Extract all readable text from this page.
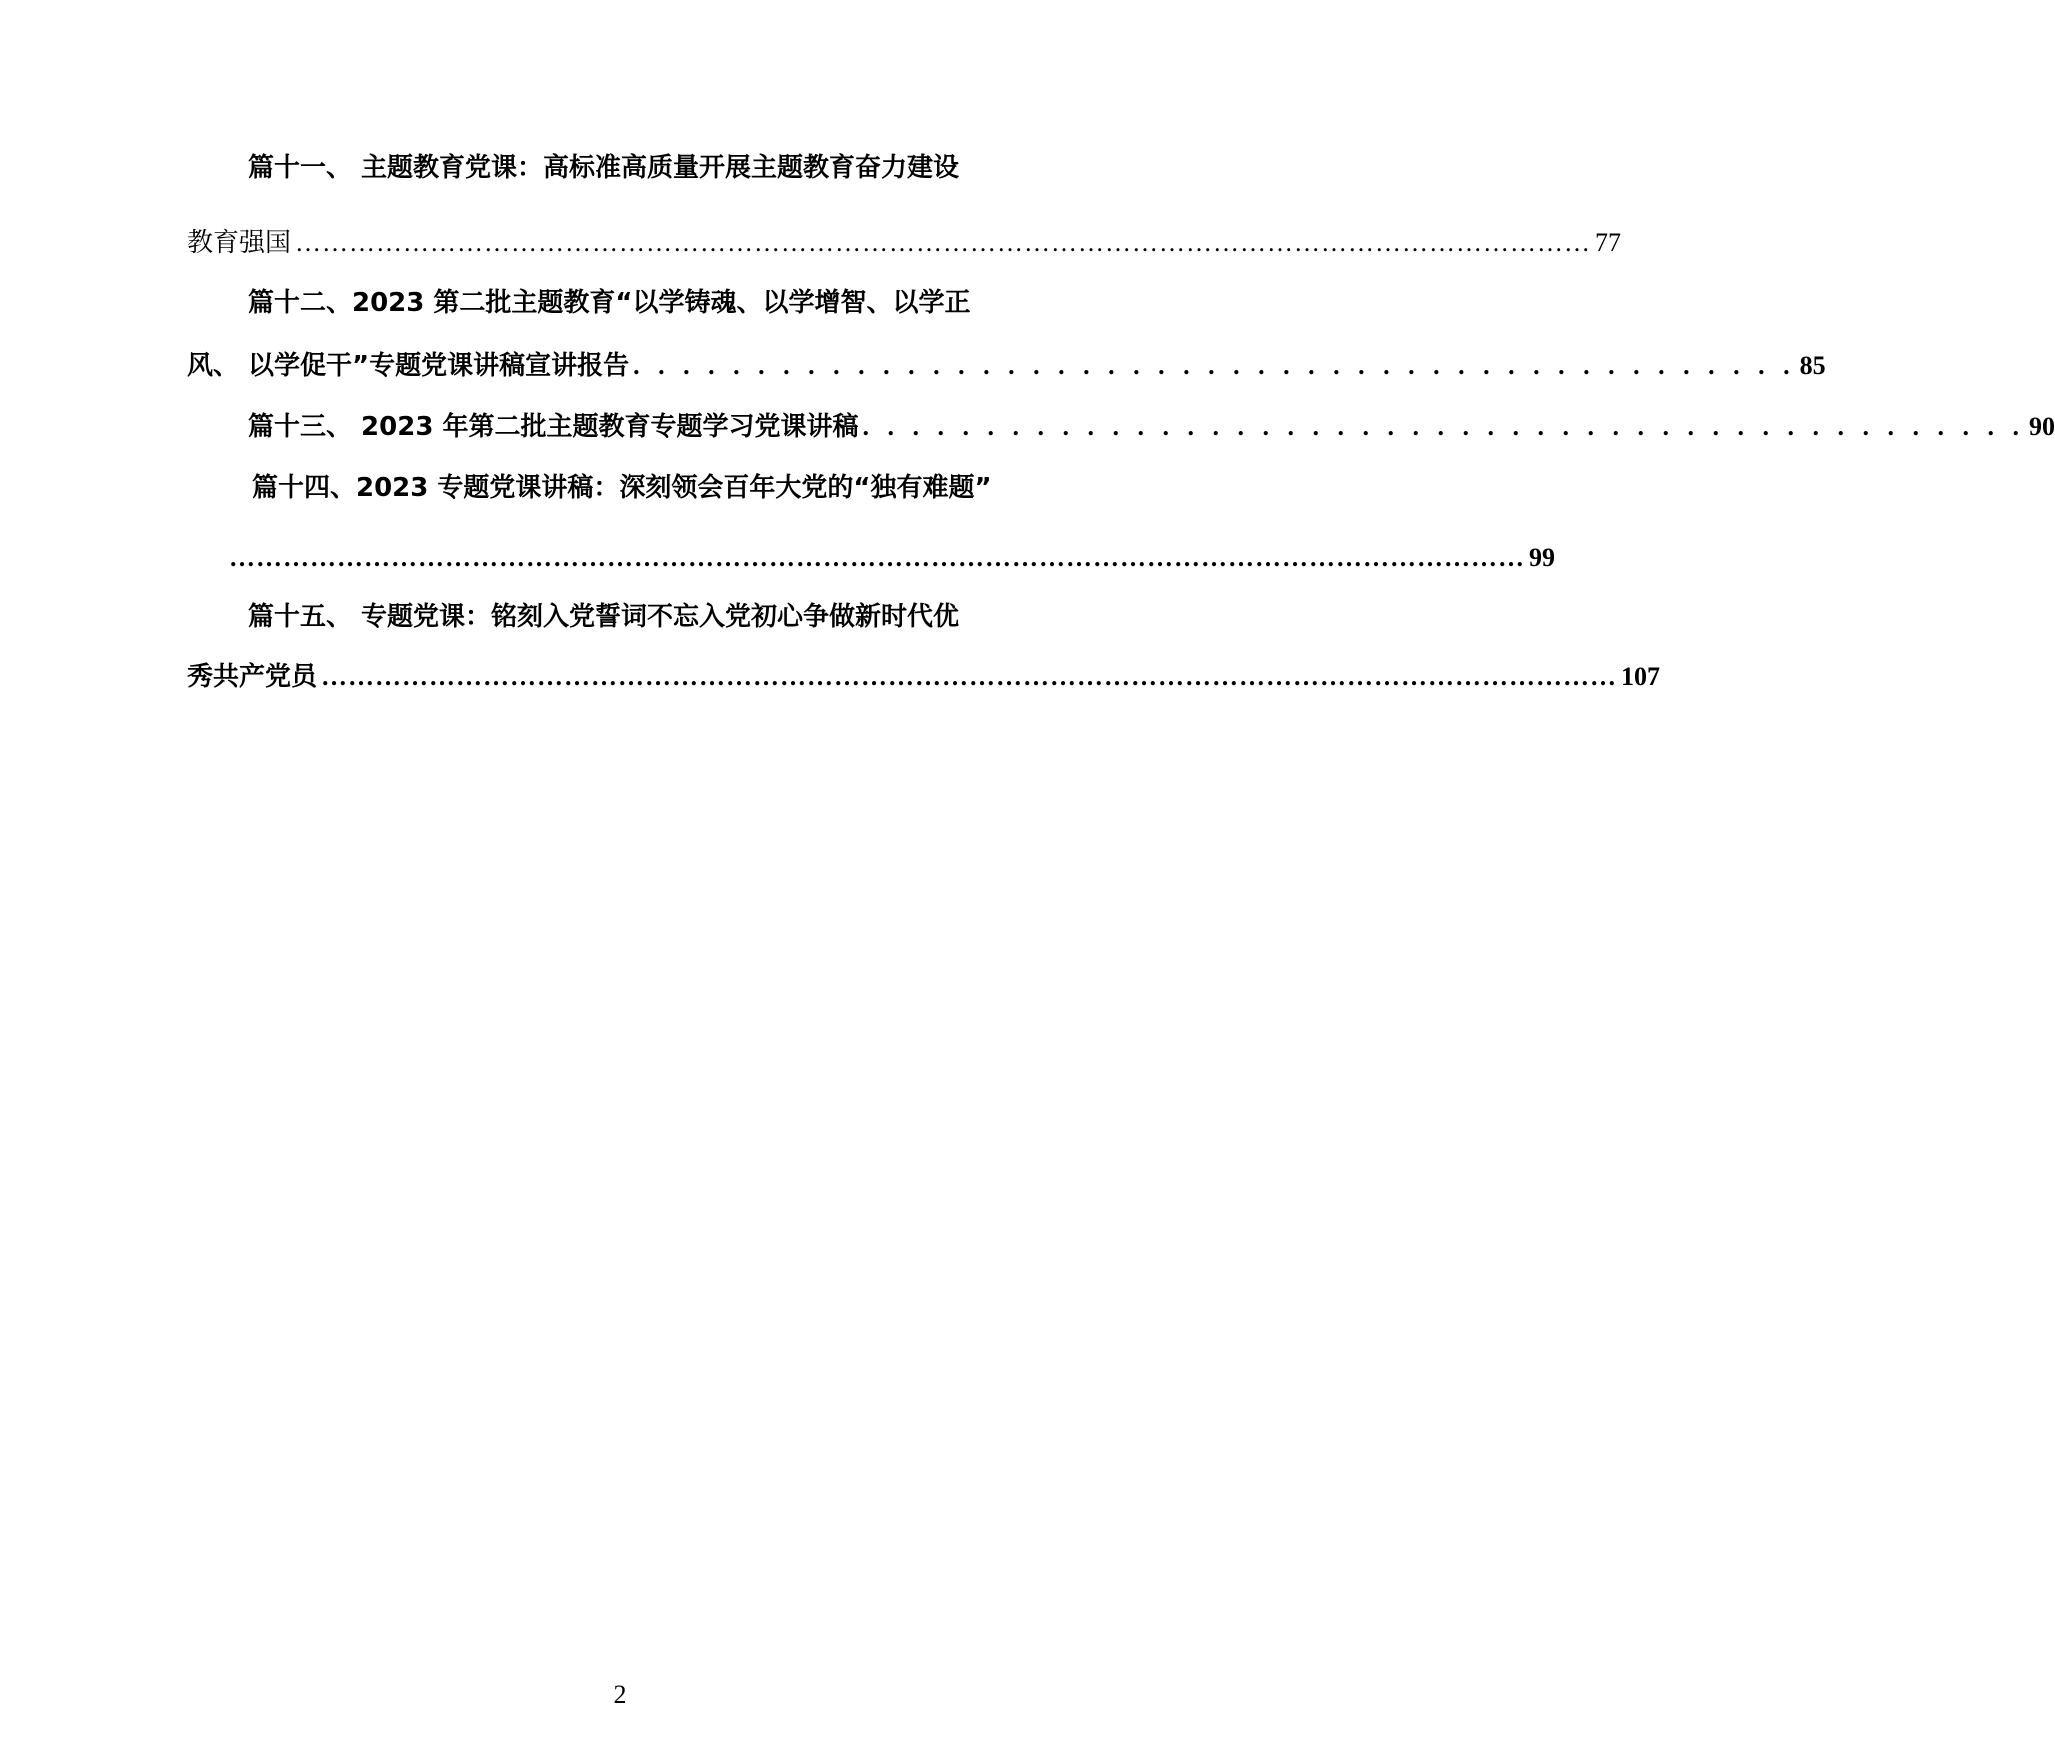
篇十一、 主题教育党课：高标准高质量开展主题教育奋力建设
教育强国 ……………………………………………………………………………………………………………………………… 77
篇十二、2023 第二批主题教育“以学铸魂、以学增智、以学正
风、 以学促干”专题党课讲稿宣讲报告 . . . . . . . . . . . . . . . . . . . . . . . . . . . . . . . . . . . . . . . . . . . . . . . 85
篇十三、 2023 年第二批主题教育专题学习党课讲稿 . . . . . . . . . . . . . . . . . . . . . . . . . . . . . . . . . . . . . . . . . . . . . . . 90
篇十四、2023 专题党课讲稿：深刻领会百年大党的“独有难题”
……………………………………………………………………………………………………………………………… 99
篇十五、 专题党课：铭刻入党誓词不忘入党初心争做新时代优
秀共产党员 ……………………………………………………………………………………………………………………………… 107
2
